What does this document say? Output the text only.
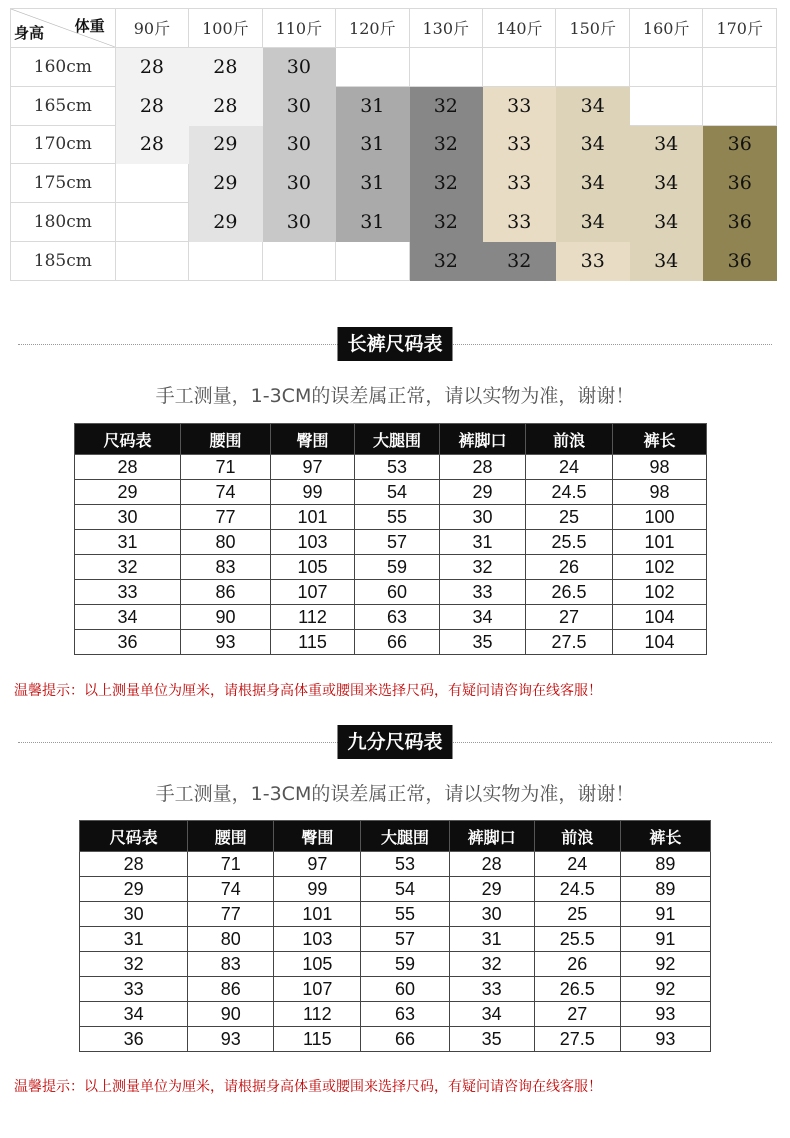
体重
身高	90斤	100斤	110斤	120斤	130斤	140斤	150斤	160斤	170斤
160cm	28	28	30						
165cm	28	28	30	31	32	33	34		
170cm	28	29	30	31	32	33	34	34	36
175cm		29	30	31	32	33	34	34	36
180cm		29	30	31	32	33	34	34	36
185cm					32	32	33	34	36
长裤尺码表
手工测量，1-3CM的误差属正常，请以实物为准，谢谢！
尺码表	腰围	臀围	大腿围	裤脚口	前浪	裤长
28	71	97	53	28	24	98
29	74	99	54	29	24.5	98
30	77	101	55	30	25	100
31	80	103	57	31	25.5	101
32	83	105	59	32	26	102
33	86	107	60	33	26.5	102
34	90	112	63	34	27	104
36	93	115	66	35	27.5	104
温馨提示：以上测量单位为厘米，请根据身高体重或腰围来选择尺码，有疑问请咨询在线客服！
九分尺码表
手工测量，1-3CM的误差属正常，请以实物为准，谢谢！
尺码表	腰围	臀围	大腿围	裤脚口	前浪	裤长
28	71	97	53	28	24	89
29	74	99	54	29	24.5	89
30	77	101	55	30	25	91
31	80	103	57	31	25.5	91
32	83	105	59	32	26	92
33	86	107	60	33	26.5	92
34	90	112	63	34	27	93
36	93	115	66	35	27.5	93
温馨提示：以上测量单位为厘米，请根据身高体重或腰围来选择尺码，有疑问请咨询在线客服！
